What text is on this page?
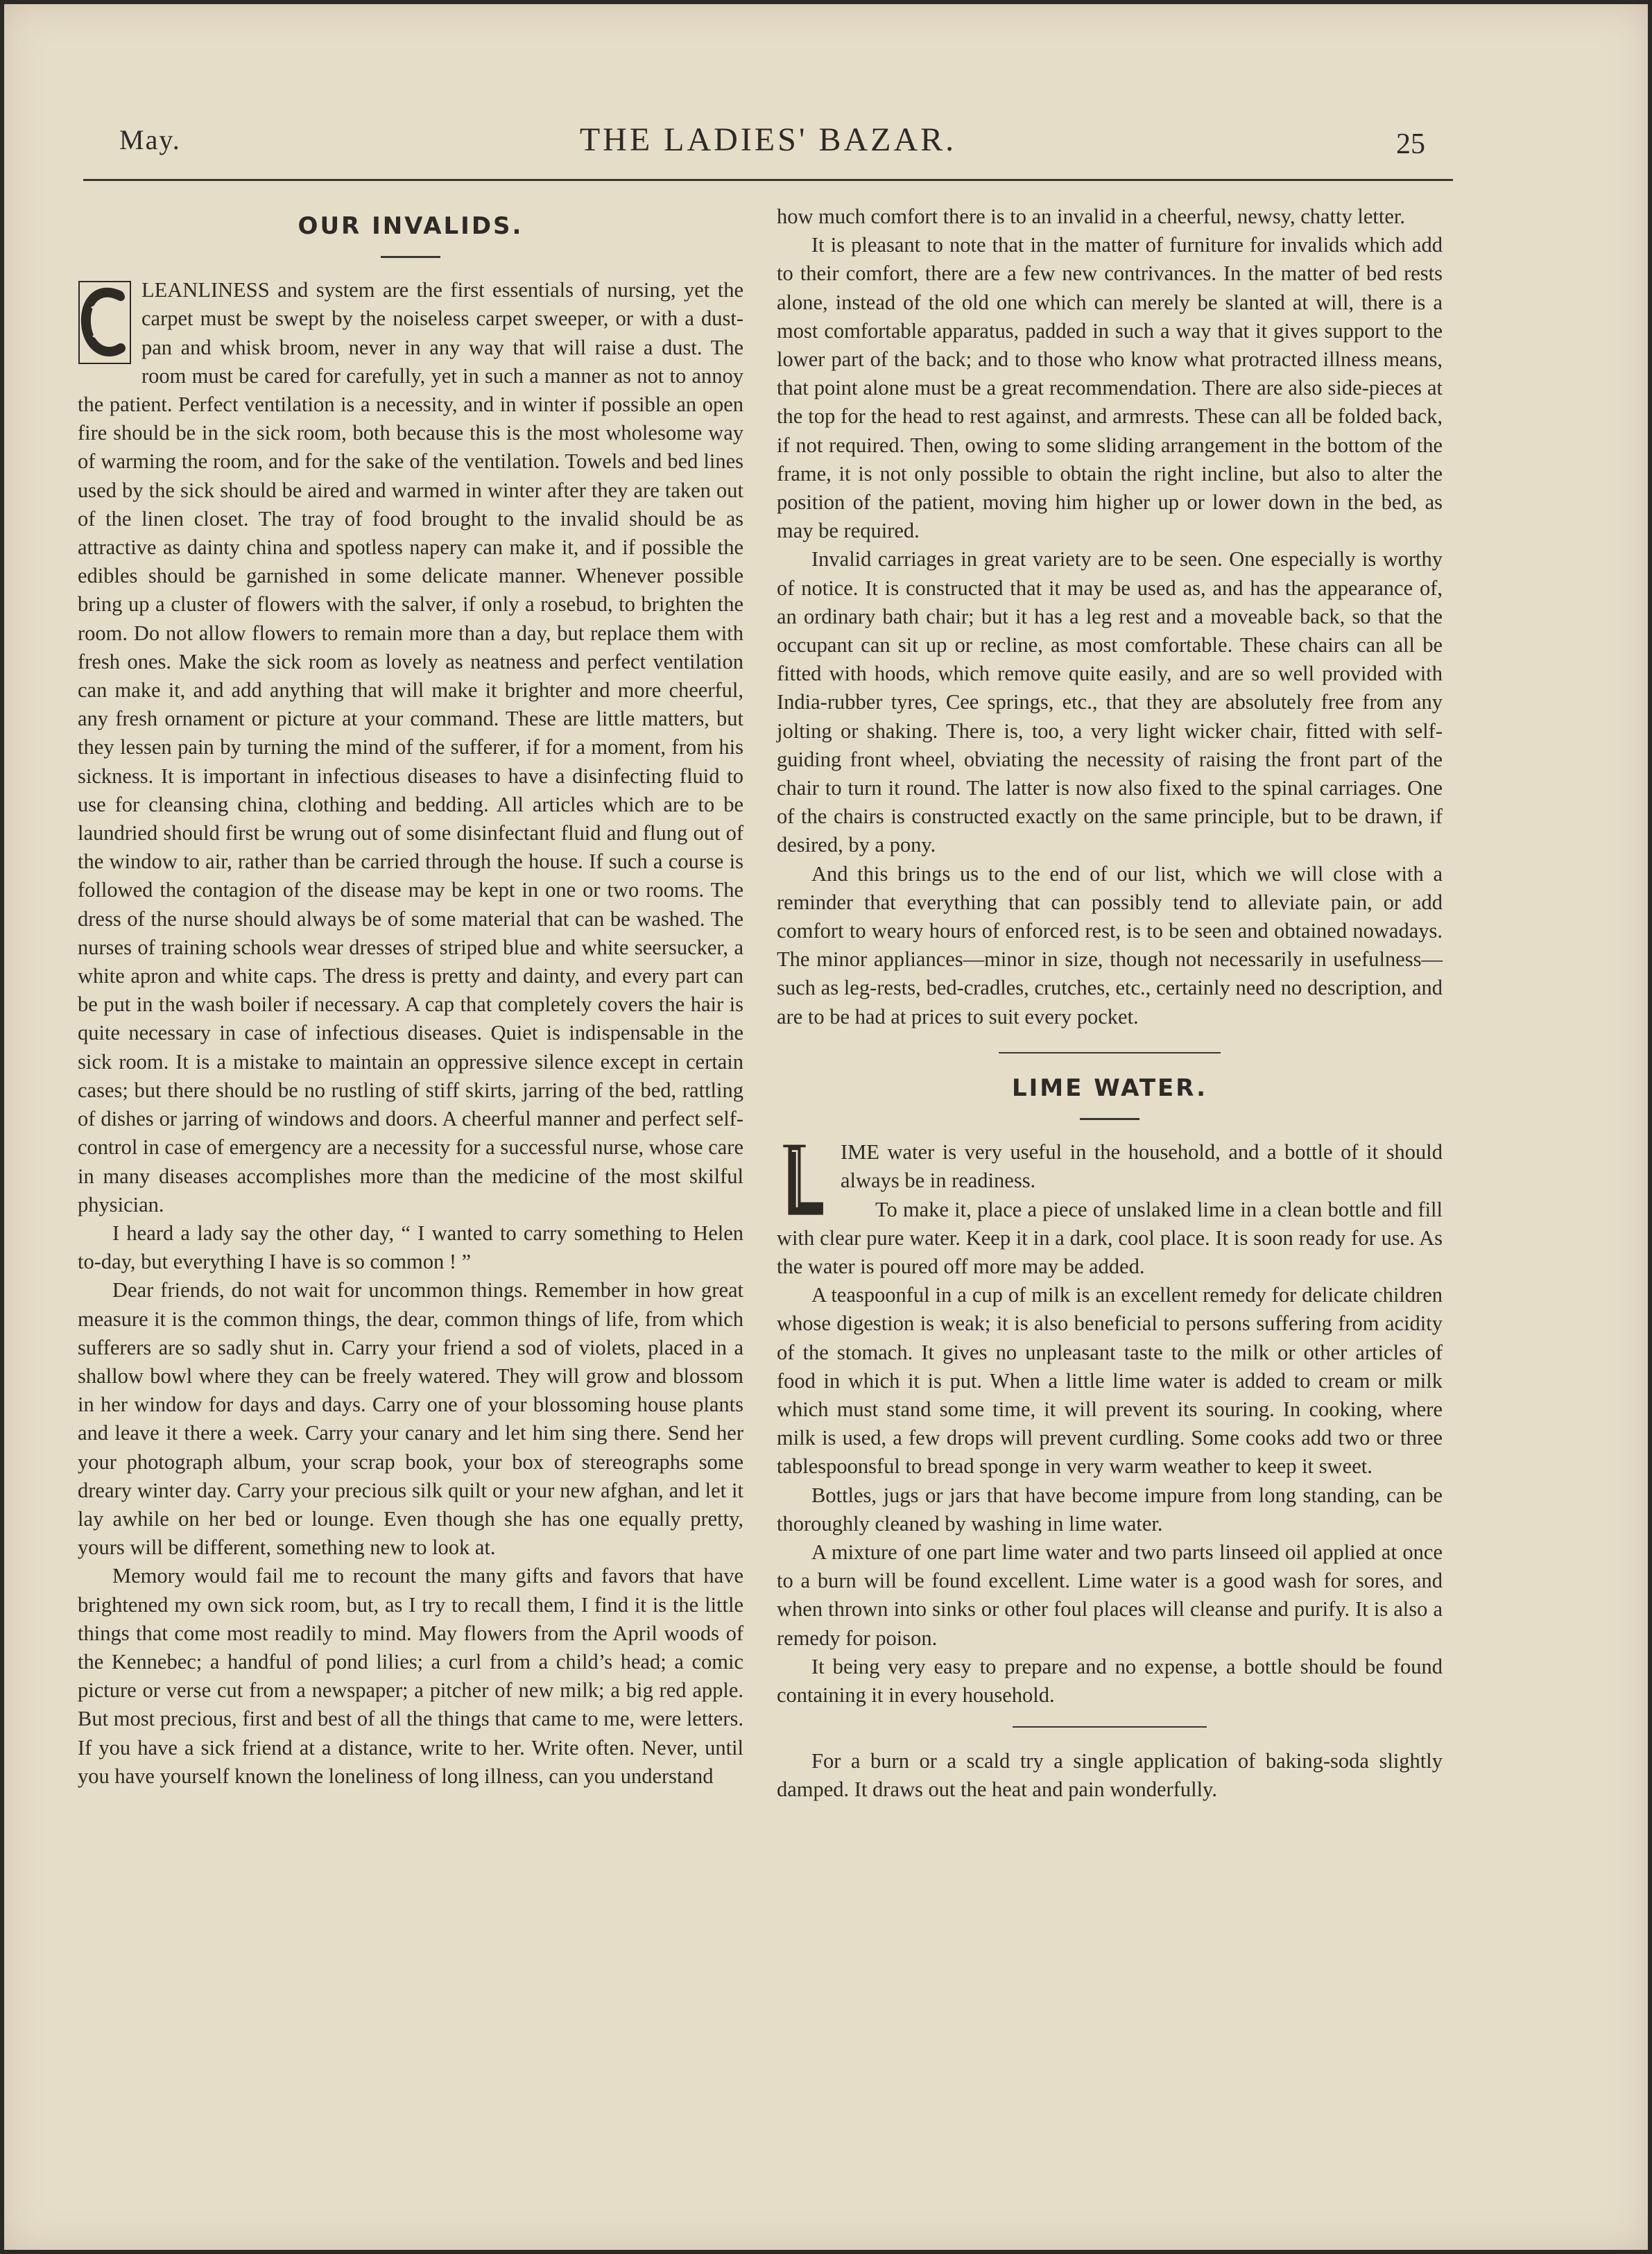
May.	THE LADIES' BAZAR.	25
OUR INVALIDS.

LEANLINESS and system are the first essentials of nursing, yet the carpet must be swept by the noiseless carpet sweeper, or with a dust-pan and whisk broom, never in any way that will raise a dust. The room must be cared for carefully, yet in such a manner as not to annoy the patient. Perfect ventilation is a necessity, and in winter if possible an open fire should be in the sick room, both because this is the most wholesome way of warming the room, and for the sake of the ventilation. Towels and bed lines used by the sick should be aired and warmed in winter after they are taken out of the linen closet. The tray of food brought to the invalid should be as attractive as dainty china and spotless napery can make it, and if possible the edibles should be garnished in some delicate manner. Whenever possible bring up a cluster of flowers with the salver, if only a rosebud, to brighten the room. Do not allow flowers to remain more than a day, but replace them with fresh ones. Make the sick room as lovely as neatness and perfect ventilation can make it, and add anything that will make it brighter and more cheerful, any fresh ornament or picture at your command. These are little matters, but they lessen pain by turning the mind of the sufferer, if for a moment, from his sickness. It is important in infectious diseases to have a disinfecting fluid to use for cleansing china, clothing and bedding. All articles which are to be laundried should first be wrung out of some disinfectant fluid and flung out of the window to air, rather than be carried through the house. If such a course is followed the contagion of the disease may be kept in one or two rooms. The dress of the nurse should always be of some material that can be washed. The nurses of training schools wear dresses of striped blue and white seersucker, a white apron and white caps. The dress is pretty and dainty, and every part can be put in the wash boiler if necessary. A cap that completely covers the hair is quite necessary in case of infectious diseases. Quiet is indispensable in the sick room. It is a mistake to maintain an oppressive silence except in certain cases; but there should be no rustling of stiff skirts, jarring of the bed, rattling of dishes or jarring of windows and doors. A cheerful manner and perfect self-control in case of emergency are a necessity for a successful nurse, whose care in many diseases accomplishes more than the medicine of the most skilful physician.

I heard a lady say the other day, “ I wanted to carry something to Helen to-day, but everything I have is so common ! ”

Dear friends, do not wait for uncommon things. Remember in how great measure it is the common things, the dear, common things of life, from which sufferers are so sadly shut in. Carry your friend a sod of violets, placed in a shallow bowl where they can be freely watered. They will grow and blossom in her window for days and days. Carry one of your blossoming house plants and leave it there a week. Carry your canary and let him sing there. Send her your photograph album, your scrap book, your box of stereographs some dreary winter day. Carry your precious silk quilt or your new afghan, and let it lay awhile on her bed or lounge. Even though she has one equally pretty, yours will be different, something new to look at.

Memory would fail me to recount the many gifts and favors that have brightened my own sick room, but, as I try to recall them, I find it is the little things that come most readily to mind. May flowers from the April woods of the Kennebec; a handful of pond lilies; a curl from a child’s head; a comic picture or verse cut from a newspaper; a pitcher of new milk; a big red apple. But most precious, first and best of all the things that came to me, were letters. If you have a sick friend at a distance, write to her. Write often. Never, until you have yourself known the loneliness of long illness, can you understand

how much comfort there is to an invalid in a cheerful, newsy, chatty letter.

It is pleasant to note that in the matter of furniture for invalids which add to their comfort, there are a few new contrivances. In the matter of bed rests alone, instead of the old one which can merely be slanted at will, there is a most comfortable apparatus, padded in such a way that it gives support to the lower part of the back; and to those who know what protracted illness means, that point alone must be a great recommendation. There are also side-pieces at the top for the head to rest against, and armrests. These can all be folded back, if not required. Then, owing to some sliding arrangement in the bottom of the frame, it is not only possible to obtain the right incline, but also to alter the position of the patient, moving him higher up or lower down in the bed, as may be required.

Invalid carriages in great variety are to be seen. One especially is worthy of notice. It is constructed that it may be used as, and has the appearance of, an ordinary bath chair; but it has a leg rest and a moveable back, so that the occupant can sit up or recline, as most comfortable. These chairs can all be fitted with hoods, which remove quite easily, and are so well provided with India-rubber tyres, Cee springs, etc., that they are absolutely free from any jolting or shaking. There is, too, a very light wicker chair, fitted with self-guiding front wheel, obviating the necessity of raising the front part of the chair to turn it round. The latter is now also fixed to the spinal carriages. One of the chairs is constructed exactly on the same principle, but to be drawn, if desired, by a pony.

And this brings us to the end of our list, which we will close with a reminder that everything that can possibly tend to alleviate pain, or add comfort to weary hours of enforced rest, is to be seen and obtained nowadays. The minor appliances—minor in size, though not necessarily in usefulness—such as leg-rests, bed-cradles, crutches, etc., certainly need no description, and are to be had at prices to suit every pocket.

LIME WATER.

IME water is very useful in the household, and a bottle of it should always be in readiness.

To make it, place a piece of unslaked lime in a clean bottle and fill with clear pure water. Keep it in a dark, cool place. It is soon ready for use. As the water is poured off more may be added.

A teaspoonful in a cup of milk is an excellent remedy for delicate children whose digestion is weak; it is also beneficial to persons suffering from acidity of the stomach. It gives no unpleasant taste to the milk or other articles of food in which it is put. When a little lime water is added to cream or milk which must stand some time, it will prevent its souring. In cooking, where milk is used, a few drops will prevent curdling. Some cooks add two or three tablespoonsful to bread sponge in very warm weather to keep it sweet.

Bottles, jugs or jars that have become impure from long standing, can be thoroughly cleaned by washing in lime water.

A mixture of one part lime water and two parts linseed oil applied at once to a burn will be found excellent. Lime water is a good wash for sores, and when thrown into sinks or other foul places will cleanse and purify. It is also a remedy for poison.

It being very easy to prepare and no expense, a bottle should be found containing it in every household.

For a burn or a scald try a single application of baking-soda slightly damped. It draws out the heat and pain wonderfully.
